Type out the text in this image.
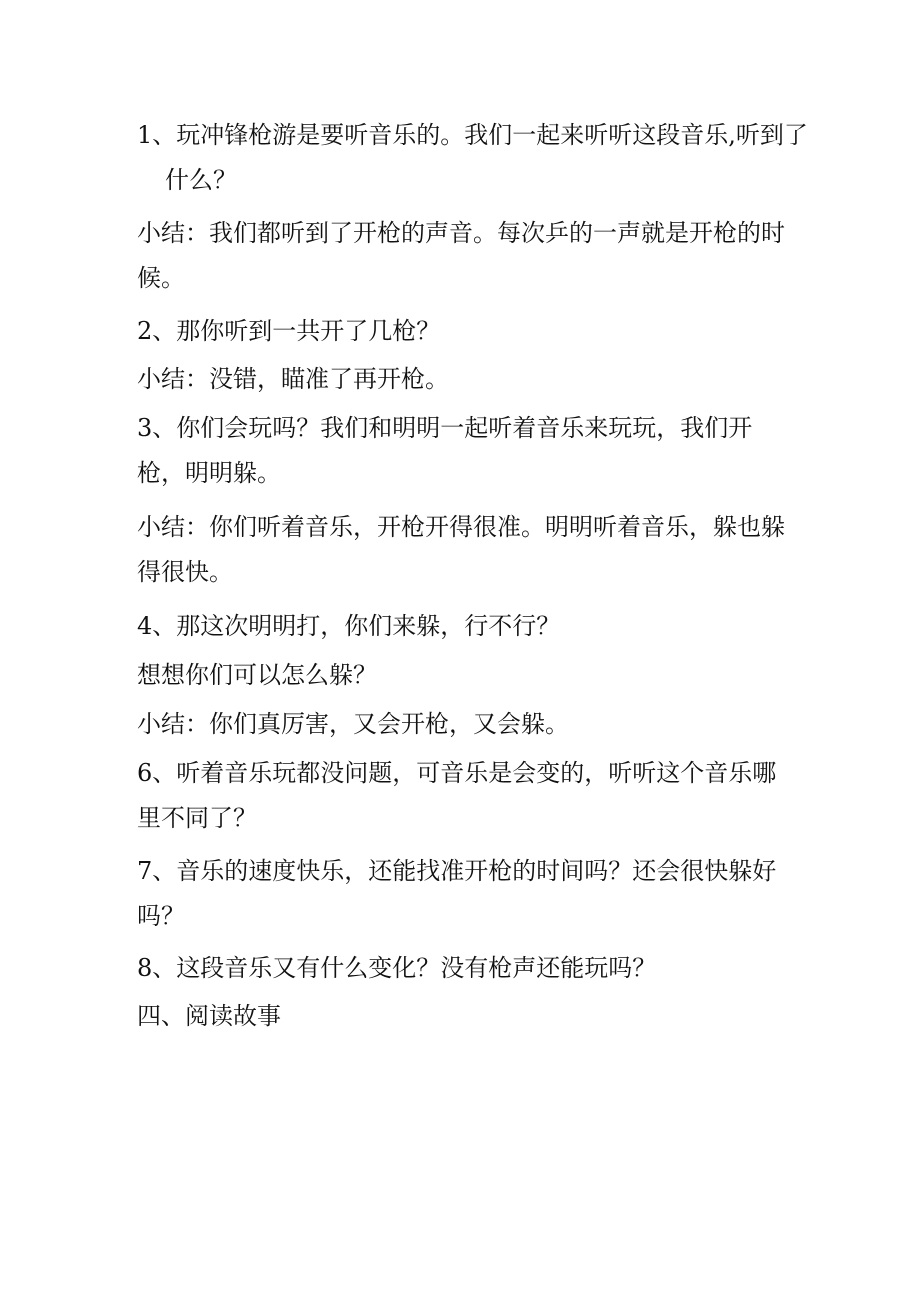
1、玩冲锋枪游是要听音乐的。我们一起来听听这段音乐,听到了什么？

小结：我们都听到了开枪的声音。每次乒的一声就是开枪的时候。

2、那你听到一共开了几枪？

小结：没错，瞄准了再开枪。

3、你们会玩吗？我们和明明一起听着音乐来玩玩，我们开枪，明明躲。

小结：你们听着音乐，开枪开得很准。明明听着音乐，躲也躲得很快。

4、那这次明明打，你们来躲，行不行？

想想你们可以怎么躲？

小结：你们真厉害，又会开枪，又会躲。

6、听着音乐玩都没问题，可音乐是会变的，听听这个音乐哪里不同了？

7、音乐的速度快乐，还能找准开枪的时间吗？还会很快躲好吗？

8、这段音乐又有什么变化？没有枪声还能玩吗？

四、阅读故事
